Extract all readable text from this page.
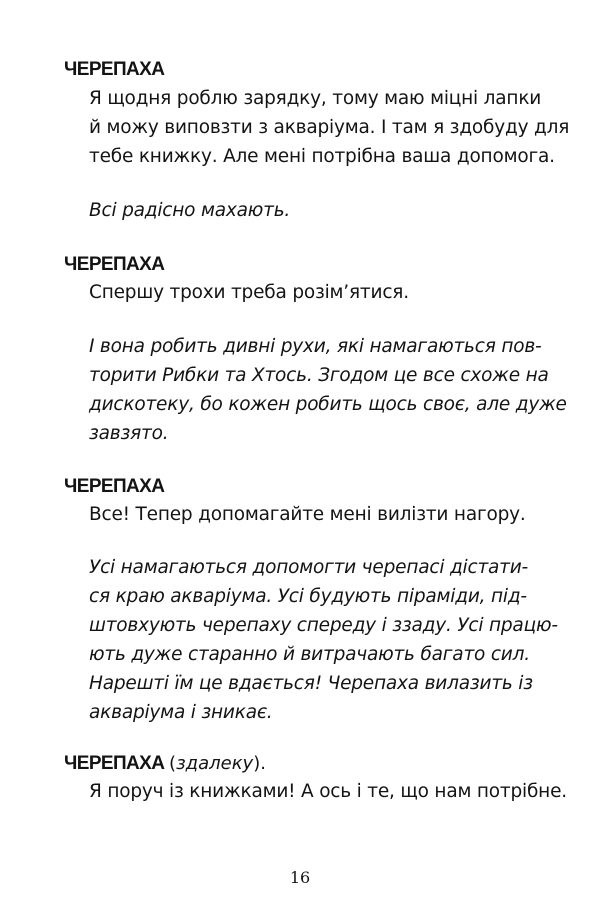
ЧЕРЕПАХА
Я щодня роблю зарядку, тому маю міцні лапки
й можу виповзти з акваріума. І там я здобуду для
тебе книжку. Але мені потрібна ваша допомога.
Всі радісно махають.
ЧЕРЕПАХА
Спершу трохи треба розім’ятися.
І вона робить дивні рухи, які намагаються пов-
торити Рибки та Хтось. Згодом це все схоже на
дискотеку, бо кожен робить щось своє, але дуже
завзято.
ЧЕРЕПАХА
Все! Тепер допомагайте мені вилізти нагору.
Усі намагаються допомогти черепасі дістати-
ся краю акваріума. Усі будують піраміди, під-
штовхують черепаху спереду і ззаду. Усі працю-
ють дуже старанно й витрачають багато сил.
Нарешті їм це вдається! Черепаха вилазить із
акваріума і зникає.
ЧЕРЕПАХА (здалеку).
Я поруч із книжками! А ось і те, що нам потрібне.
16
